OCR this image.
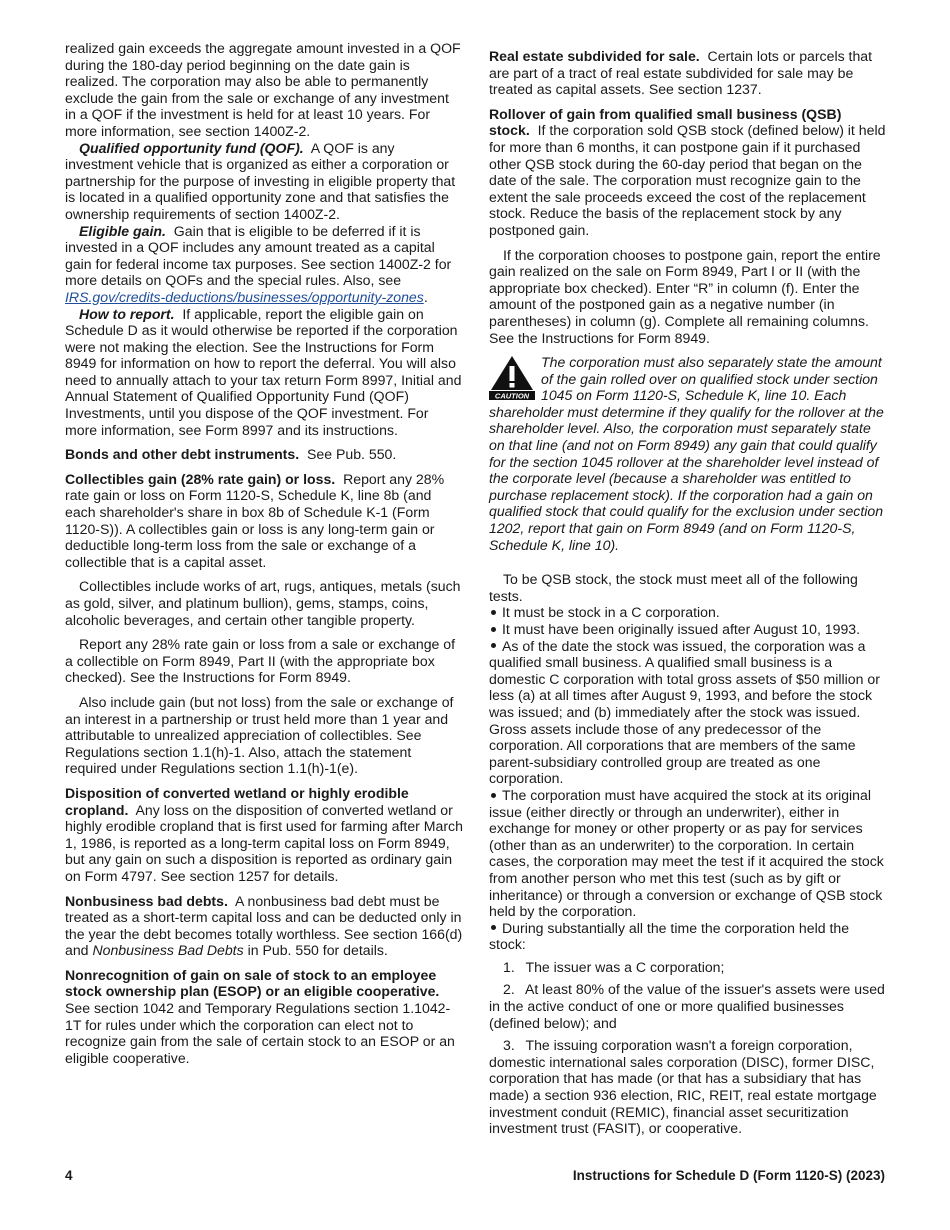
realized gain exceeds the aggregate amount invested in a QOF during the 180-day period beginning on the date gain is realized. The corporation may also be able to permanently exclude the gain from the sale or exchange of any investment in a QOF if the investment is held for at least 10 years. For more information, see section 1400Z-2.

Qualified opportunity fund (QOF). A QOF is any investment vehicle that is organized as either a corporation or partnership for the purpose of investing in eligible property that is located in a qualified opportunity zone and that satisfies the ownership requirements of section 1400Z-2.

Eligible gain. Gain that is eligible to be deferred if it is invested in a QOF includes any amount treated as a capital gain for federal income tax purposes. See section 1400Z-2 for more details on QOFs and the special rules. Also, see IRS.gov/credits-deductions/businesses/opportunity-zones.

How to report. If applicable, report the eligible gain on Schedule D as it would otherwise be reported if the corporation were not making the election. See the Instructions for Form 8949 for information on how to report the deferral. You will also need to annually attach to your tax return Form 8997, Initial and Annual Statement of Qualified Opportunity Fund (QOF) Investments, until you dispose of the QOF investment. For more information, see Form 8997 and its instructions.

Bonds and other debt instruments. See Pub. 550.

Collectibles gain (28% rate gain) or loss. Report any 28% rate gain or loss on Form 1120-S, Schedule K, line 8b (and each shareholder's share in box 8b of Schedule K-1 (Form 1120-S)). A collectibles gain or loss is any long-term gain or deductible long-term loss from the sale or exchange of a collectible that is a capital asset.

Collectibles include works of art, rugs, antiques, metals (such as gold, silver, and platinum bullion), gems, stamps, coins, alcoholic beverages, and certain other tangible property.

Report any 28% rate gain or loss from a sale or exchange of a collectible on Form 8949, Part II (with the appropriate box checked). See the Instructions for Form 8949.

Also include gain (but not loss) from the sale or exchange of an interest in a partnership or trust held more than 1 year and attributable to unrealized appreciation of collectibles. See Regulations section 1.1(h)-1. Also, attach the statement required under Regulations section 1.1(h)-1(e).

Disposition of converted wetland or highly erodible cropland. Any loss on the disposition of converted wetland or highly erodible cropland that is first used for farming after March 1, 1986, is reported as a long-term capital loss on Form 8949, but any gain on such a disposition is reported as ordinary gain on Form 4797. See section 1257 for details.

Nonbusiness bad debts. A nonbusiness bad debt must be treated as a short-term capital loss and can be deducted only in the year the debt becomes totally worthless. See section 166(d) and Nonbusiness Bad Debts in Pub. 550 for details.

Nonrecognition of gain on sale of stock to an employee stock ownership plan (ESOP) or an eligible cooperative. See section 1042 and Temporary Regulations section 1.1042-1T for rules under which the corporation can elect not to recognize gain from the sale of certain stock to an ESOP or an eligible cooperative.

Real estate subdivided for sale. Certain lots or parcels that are part of a tract of real estate subdivided for sale may be treated as capital assets. See section 1237.

Rollover of gain from qualified small business (QSB) stock. If the corporation sold QSB stock (defined below) it held for more than 6 months, it can postpone gain if it purchased other QSB stock during the 60-day period that began on the date of the sale. The corporation must recognize gain to the extent the sale proceeds exceed the cost of the replacement stock. Reduce the basis of the replacement stock by any postponed gain.

If the corporation chooses to postpone gain, report the entire gain realized on the sale on Form 8949, Part I or II (with the appropriate box checked). Enter “R” in column (f). Enter the amount of the postponed gain as a negative number (in parentheses) in column (g). Complete all remaining columns. See the Instructions for Form 8949.

CAUTION
The corporation must also separately state the amount of the gain rolled over on qualified stock under section 1045 on Form 1120-S, Schedule K, line 10. Each shareholder must determine if they qualify for the rollover at the shareholder level. Also, the corporation must separately state on that line (and not on Form 8949) any gain that could qualify for the section 1045 rollover at the shareholder level instead of the corporate level (because a shareholder was entitled to purchase replacement stock). If the corporation had a gain on qualified stock that could qualify for the exclusion under section 1202, report that gain on Form 8949 (and on Form 1120-S, Schedule K, line 10).

To be QSB stock, the stock must meet all of the following tests.

It must be stock in a C corporation.
It must have been originally issued after August 10, 1993.
As of the date the stock was issued, the corporation was a qualified small business. A qualified small business is a domestic C corporation with total gross assets of $50 million or less (a) at all times after August 9, 1993, and before the stock was issued; and (b) immediately after the stock was issued. Gross assets include those of any predecessor of the corporation. All corporations that are members of the same parent-subsidiary controlled group are treated as one corporation.
The corporation must have acquired the stock at its original issue (either directly or through an underwriter), either in exchange for money or other property or as pay for services (other than as an underwriter) to the corporation. In certain cases, the corporation may meet the test if it acquired the stock from another person who met this test (such as by gift or inheritance) or through a conversion or exchange of QSB stock held by the corporation.
During substantially all the time the corporation held the stock:

1.  The issuer was a C corporation;

2.  At least 80% of the value of the issuer's assets were used in the active conduct of one or more qualified businesses (defined below); and

3.  The issuing corporation wasn't a foreign corporation, domestic international sales corporation (DISC), former DISC, corporation that has made (or that has a subsidiary that has made) a section 936 election, RIC, REIT, real estate mortgage investment conduit (REMIC), financial asset securitization investment trust (FASIT), or cooperative.

4	Instructions for Schedule D (Form 1120-S) (2023)
